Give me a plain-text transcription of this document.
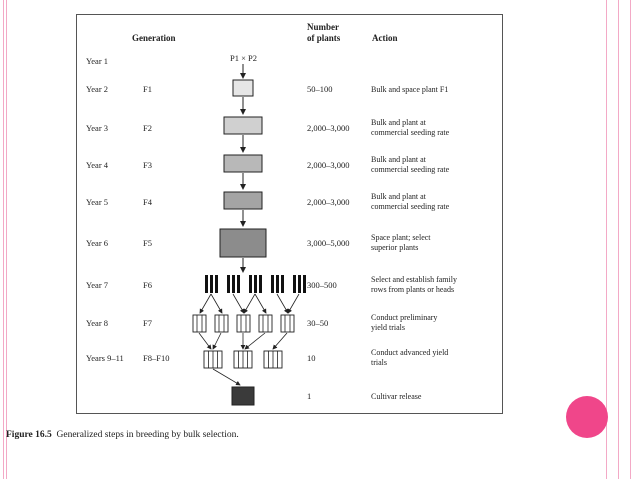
Generation
Number
of plants	Action
P1 × P2
Year 1
Year 2
Year 3
Year 4
Year 5
Year 6
Year 7
Year 8
Years 9–11
F1
F2
F3
F4
F5
F6
F7
F8–F10
50–100
2,000–3,000
2,000–3,000
2,000–3,000
3,000–5,000
300–500
30–50
10
1
Bulk and space plant F1
Bulk and plant at
commercial seeding rate
Bulk and plant at
commercial seeding rate
Bulk and plant at
commercial seeding rate
Space plant; select
superior plants
Select and establish family
rows from plants or heads
Conduct preliminary
yield trials
Conduct advanced yield
trials
Cultivar release
Figure 16.5 Generalized steps in breeding by bulk selection.
